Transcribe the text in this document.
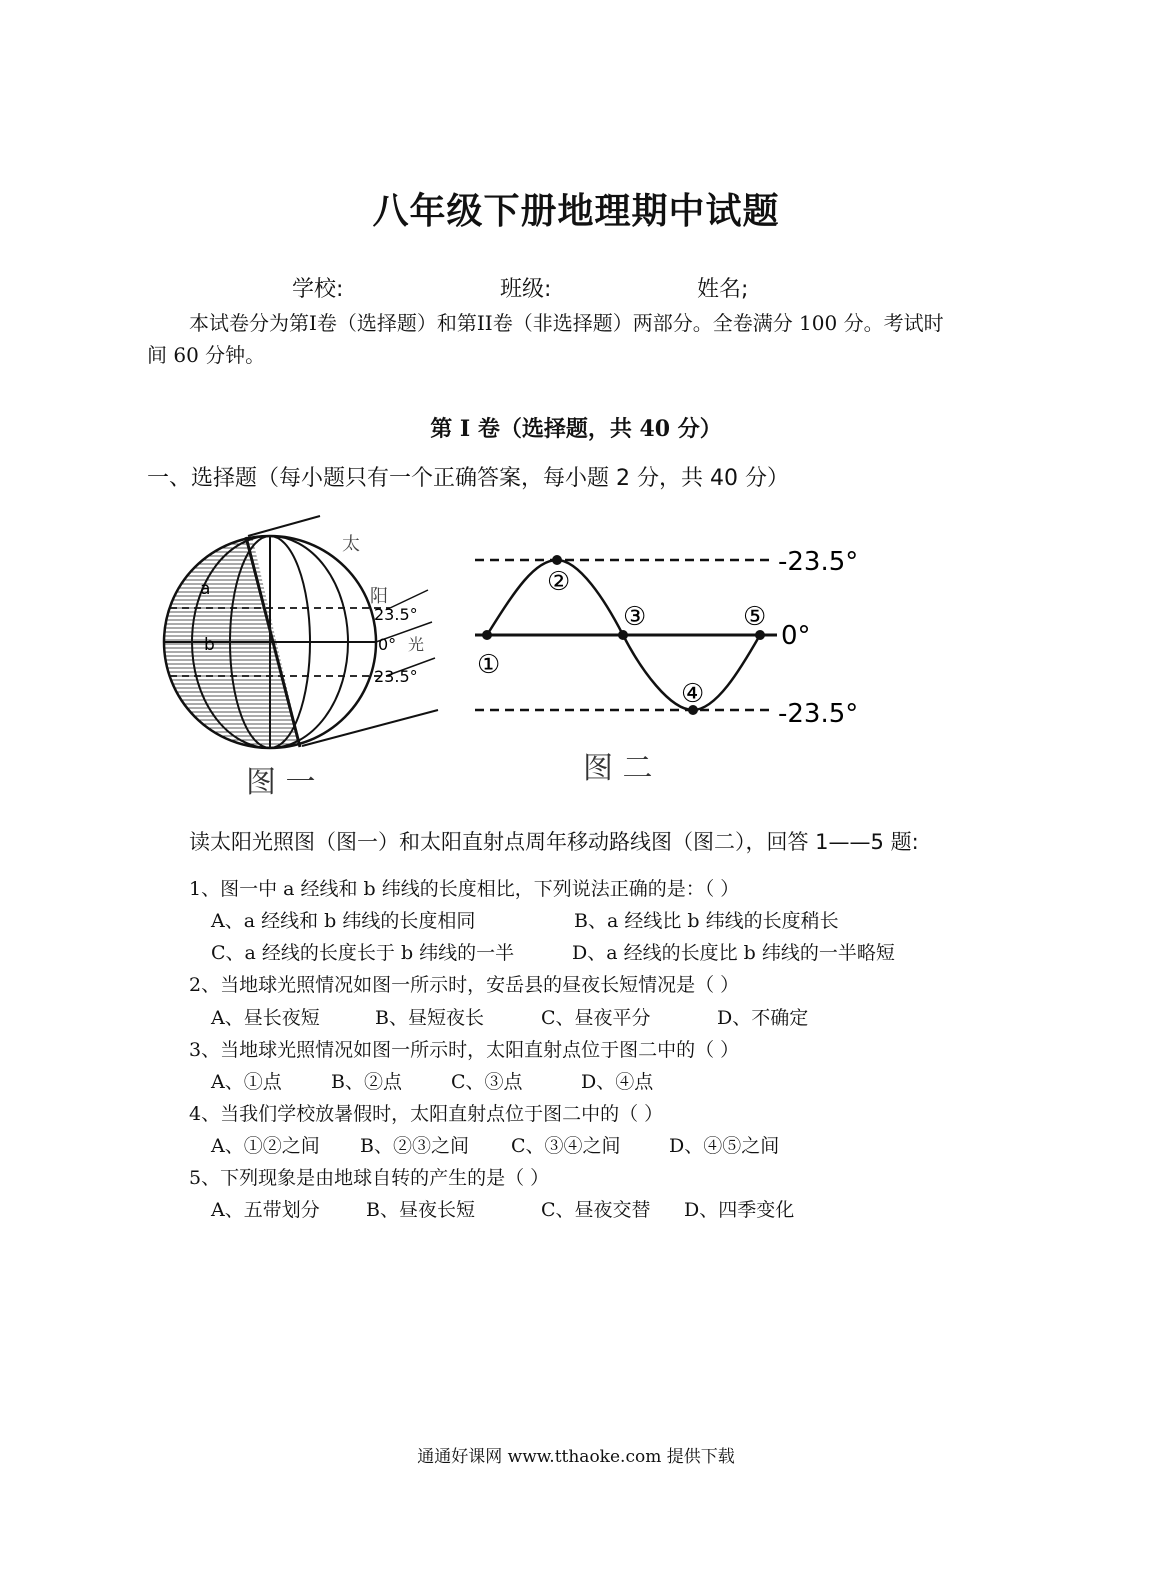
八年级下册地理期中试题
学校:	班级:	姓名;
本试卷分为第I卷（选择题）和第II卷（非选择题）两部分。全卷满分 100 分。考试时
间 60 分钟。
第 I 卷（选择题，共 40 分）
一、选择题（每小题只有一个正确答案，每小题 2 分，共 40 分）
a
b
23.5°
0°
23.5°
太
阳
光
图 一
①
②
③
④
⑤
-23.5°
0°
-23.5°
图 二
读太阳光照图（图一）和太阳直射点周年移动路线图（图二），回答 1——5 题:
1、图一中 a 经线和 b 纬线的长度相比，下列说法正确的是：（ ）
A、a 经线和 b 纬线的长度相同	B、a 经线比 b 纬线的长度稍长
C、a 经线的长度长于 b 纬线的一半	D、a 经线的长度比 b 纬线的一半略短
2、当地球光照情况如图一所示时，安岳县的昼夜长短情况是（ ）
A、昼长夜短	B、昼短夜长	C、昼夜平分	D、不确定
3、当地球光照情况如图一所示时，太阳直射点位于图二中的（ ）
A、①点	B、②点	C、③点	D、④点
4、当我们学校放暑假时，太阳直射点位于图二中的（ ）
A、①②之间 B、②③之间 C、③④之间	D、④⑤之间
5、下列现象是由地球自转的产生的是（ ）
A、五带划分 B、昼夜长短	C、昼夜交替 D、四季变化
通通好课网 www.tthaoke.com 提供下载
